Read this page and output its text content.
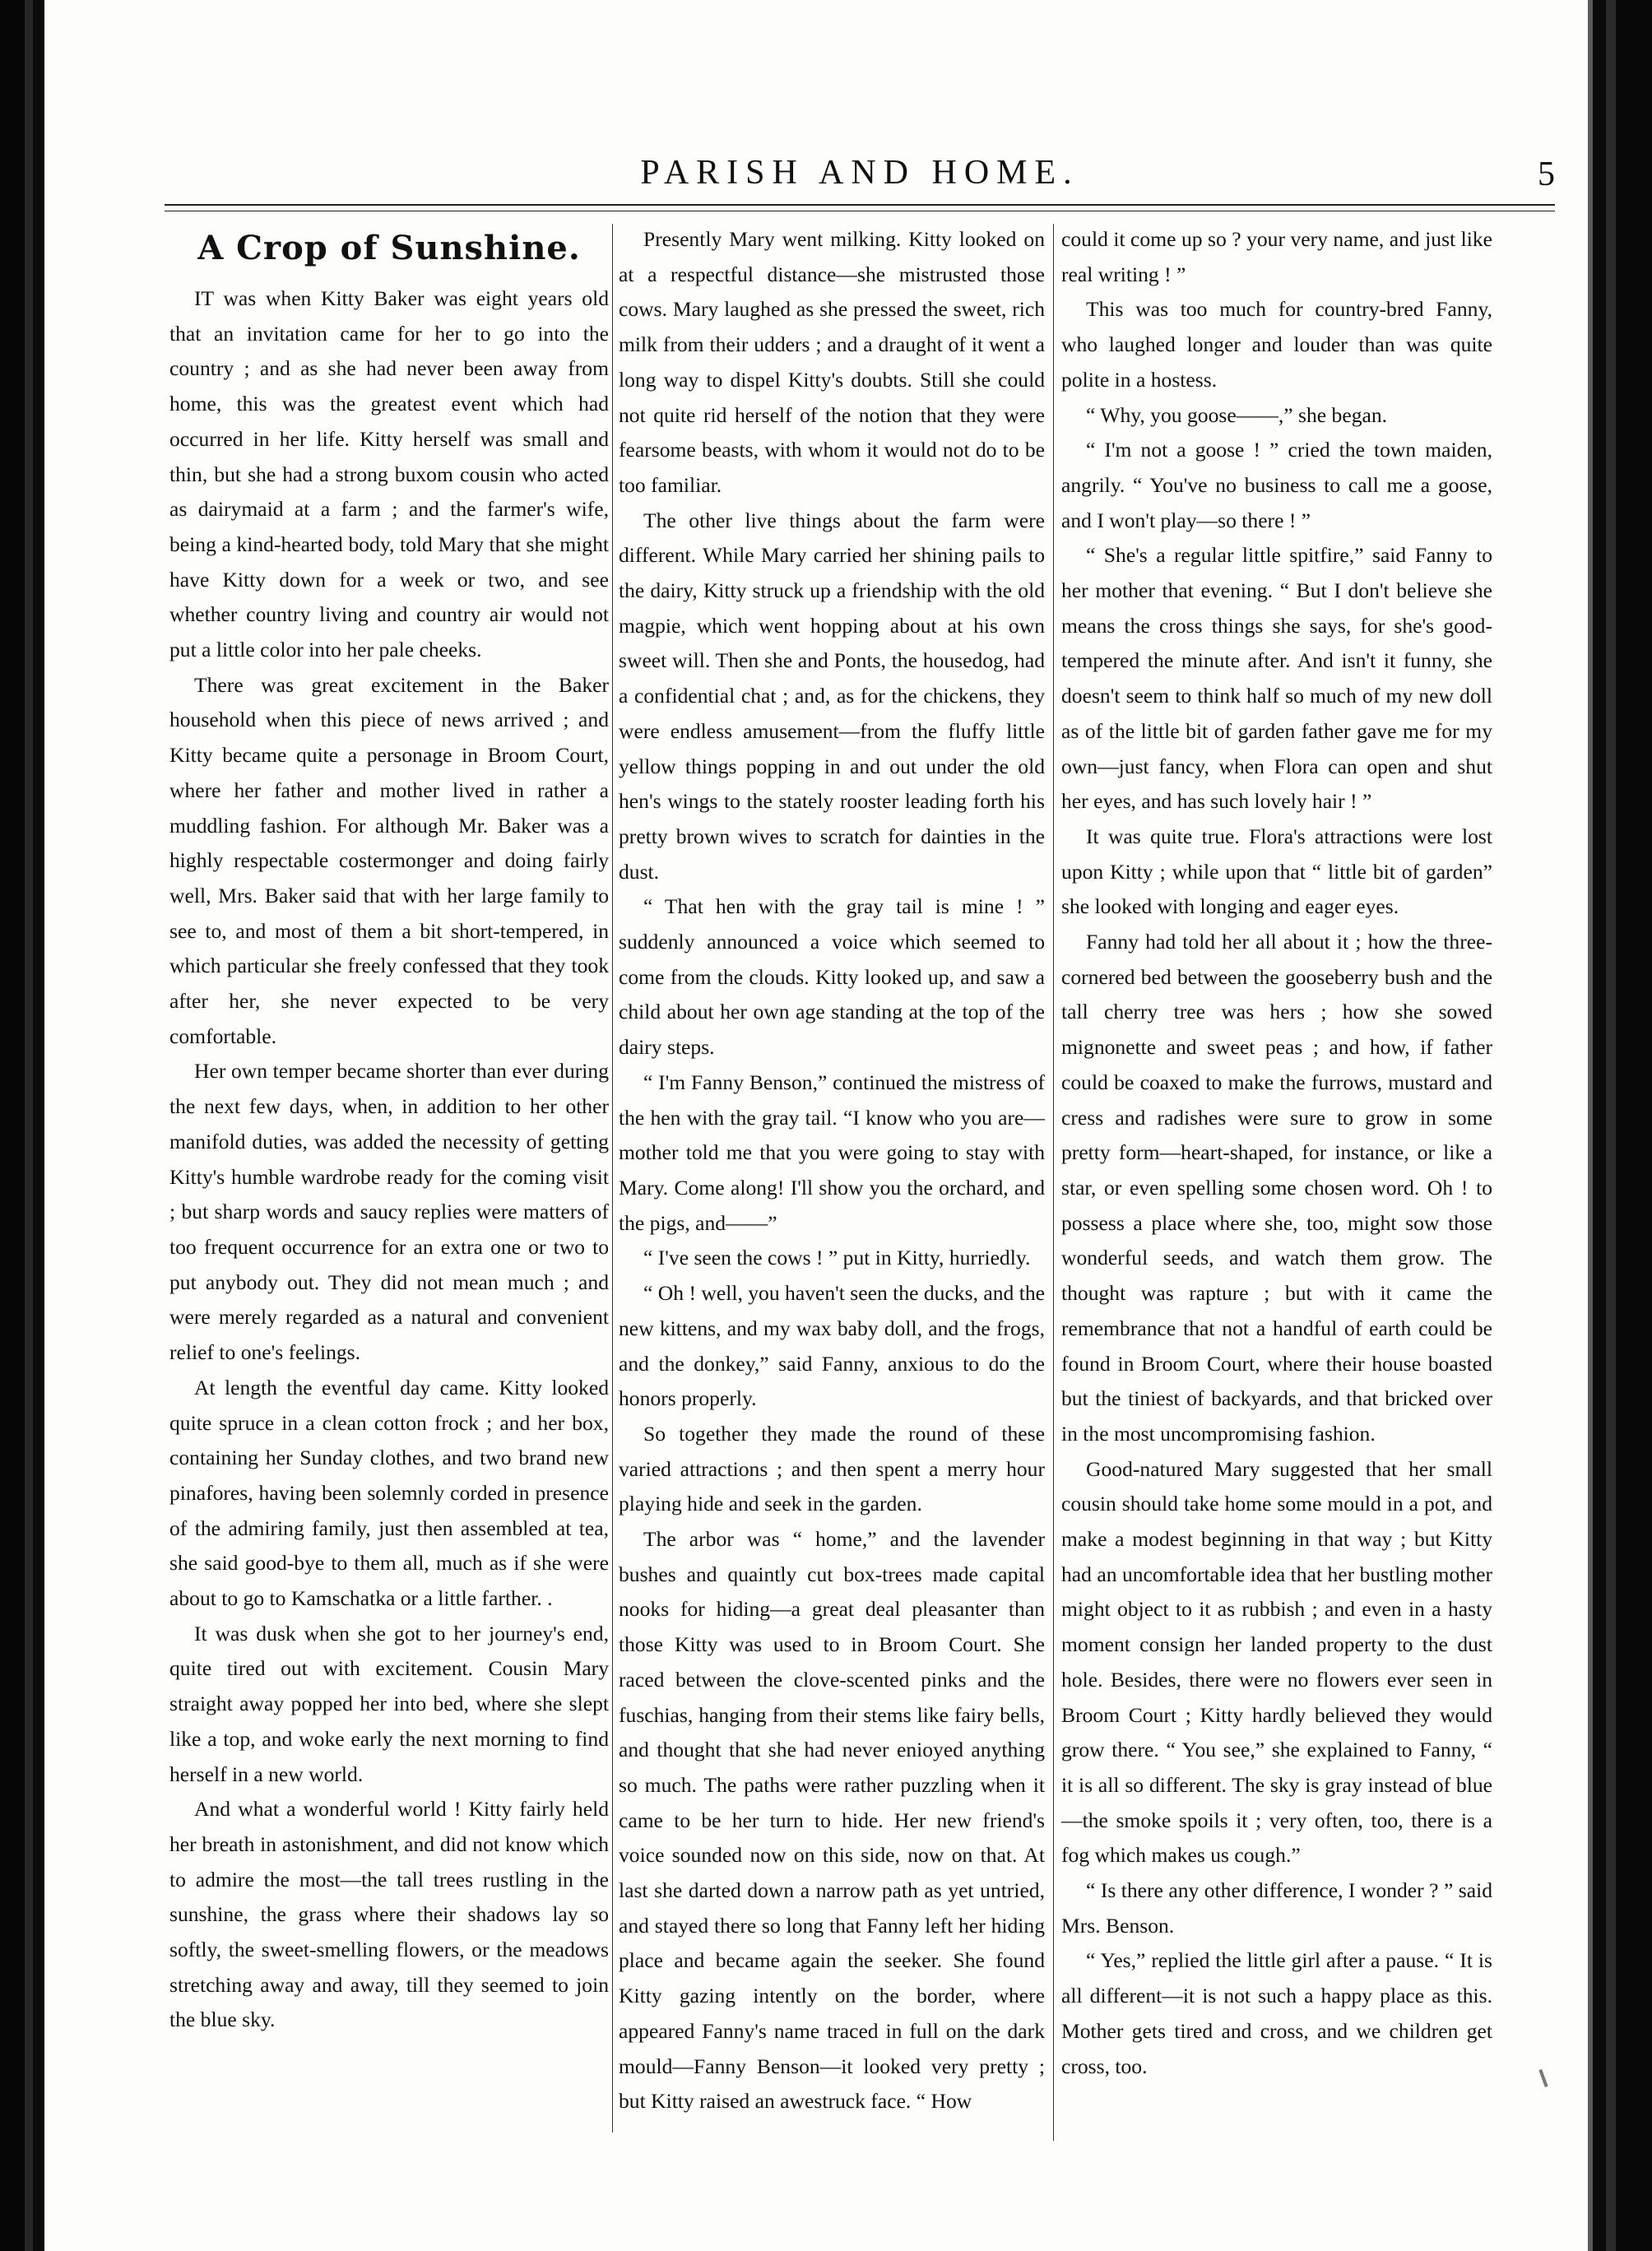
PARISH AND HOME.	5

A Crop of Sunshine.

IT was when Kitty Baker was eight years old that an invitation came for her to go into the country ; and as she had never been away from home, this was the greatest event which had occurred in her life. Kitty herself was small and thin, but she had a strong buxom cousin who acted as dairymaid at a farm ; and the farmer's wife, being a kind-hearted body, told Mary that she might have Kitty down for a week or two, and see whether country living and country air would not put a little color into her pale cheeks.

There was great excitement in the Baker household when this piece of news arrived ; and Kitty became quite a personage in Broom Court, where her father and mother lived in rather a muddling fashion. For although Mr. Baker was a highly respectable costermonger and doing fairly well, Mrs. Baker said that with her large family to see to, and most of them a bit short-tempered, in which particular she freely confessed that they took after her, she never expected to be very comfortable.

Her own temper became shorter than ever during the next few days, when, in addition to her other manifold duties, was added the necessity of getting Kitty's humble wardrobe ready for the coming visit ; but sharp words and saucy replies were matters of too frequent occurrence for an extra one or two to put anybody out. They did not mean much ; and were merely regarded as a natural and convenient relief to one's feelings.

At length the eventful day came. Kitty looked quite spruce in a clean cotton frock ; and her box, containing her Sunday clothes, and two brand new pinafores, having been solemnly corded in presence of the admiring family, just then assembled at tea, she said good-bye to them all, much as if she were about to go to Kamschatka or a little farther. .

It was dusk when she got to her journey's end, quite tired out with excitement. Cousin Mary straight away popped her into bed, where she slept like a top, and woke early the next morning to find herself in a new world.

And what a wonderful world ! Kitty fairly held her breath in astonishment, and did not know which to admire the most—the tall trees rustling in the sunshine, the grass where their shadows lay so softly, the sweet-smelling flowers, or the meadows stretching away and away, till they seemed to join the blue sky.

Presently Mary went milking. Kitty looked on at a respectful distance—she mistrusted those cows. Mary laughed as she pressed the sweet, rich milk from their udders ; and a draught of it went a long way to dispel Kitty's doubts. Still she could not quite rid herself of the notion that they were fearsome beasts, with whom it would not do to be too familiar.

The other live things about the farm were different. While Mary carried her shining pails to the dairy, Kitty struck up a friendship with the old magpie, which went hopping about at his own sweet will. Then she and Ponts, the housedog, had a confidential chat ; and, as for the chickens, they were endless amusement—from the fluffy little yellow things popping in and out under the old hen's wings to the stately rooster leading forth his pretty brown wives to scratch for dainties in the dust.

“ That hen with the gray tail is mine ! ” suddenly announced a voice which seemed to come from the clouds. Kitty looked up, and saw a child about her own age standing at the top of the dairy steps.

“ I'm Fanny Benson,” continued the mistress of the hen with the gray tail. “I know who you are—mother told me that you were going to stay with Mary. Come along! I'll show you the orchard, and the pigs, and——”

“ I've seen the cows ! ” put in Kitty, hurriedly.

“ Oh ! well, you haven't seen the ducks, and the new kittens, and my wax baby doll, and the frogs, and the donkey,” said Fanny, anxious to do the honors properly.

So together they made the round of these varied attractions ; and then spent a merry hour playing hide and seek in the garden.

The arbor was “ home,” and the lavender bushes and quaintly cut box-trees made capital nooks for hiding—a great deal pleasanter than those Kitty was used to in Broom Court. She raced between the clove-scented pinks and the fuschias, hanging from their stems like fairy bells, and thought that she had never enioyed anything so much. The paths were rather puzzling when it came to be her turn to hide. Her new friend's voice sounded now on this side, now on that. At last she darted down a narrow path as yet untried, and stayed there so long that Fanny left her hiding place and became again the seeker. She found Kitty gazing intently on the border, where appeared Fanny's name traced in full on the dark mould—Fanny Benson—it looked very pretty ; but Kitty raised an awestruck face. “ How

could it come up so ? your very name, and just like real writing ! ”

This was too much for country-bred Fanny, who laughed longer and louder than was quite polite in a hostess.

“ Why, you goose——,” she began.

“ I'm not a goose ! ” cried the town maiden, angrily. “ You've no business to call me a goose, and I won't play—so there ! ”

“ She's a regular little spitfire,” said Fanny to her mother that evening. “ But I don't believe she means the cross things she says, for she's good-tempered the minute after. And isn't it funny, she doesn't seem to think half so much of my new doll as of the little bit of garden father gave me for my own—just fancy, when Flora can open and shut her eyes, and has such lovely hair ! ”

It was quite true. Flora's attractions were lost upon Kitty ; while upon that “ little bit of garden” she looked with longing and eager eyes.

Fanny had told her all about it ; how the three-cornered bed between the gooseberry bush and the tall cherry tree was hers ; how she sowed mignonette and sweet peas ; and how, if father could be coaxed to make the furrows, mustard and cress and radishes were sure to grow in some pretty form—heart-shaped, for instance, or like a star, or even spelling some chosen word. Oh ! to possess a place where she, too, might sow those wonderful seeds, and watch them grow. The thought was rapture ; but with it came the remembrance that not a handful of earth could be found in Broom Court, where their house boasted but the tiniest of backyards, and that bricked over in the most uncompromising fashion.

Good-natured Mary suggested that her small cousin should take home some mould in a pot, and make a modest beginning in that way ; but Kitty had an uncomfortable idea that her bustling mother might object to it as rubbish ; and even in a hasty moment consign her landed property to the dust hole. Besides, there were no flowers ever seen in Broom Court ; Kitty hardly believed they would grow there. “ You see,” she explained to Fanny, “ it is all so different. The sky is gray instead of blue—the smoke spoils it ; very often, too, there is a fog which makes us cough.”

“ Is there any other difference, I wonder ? ” said Mrs. Benson.

“ Yes,” replied the little girl after a pause. “ It is all different—it is not such a happy place as this. Mother gets tired and cross, and we children get cross, too.
